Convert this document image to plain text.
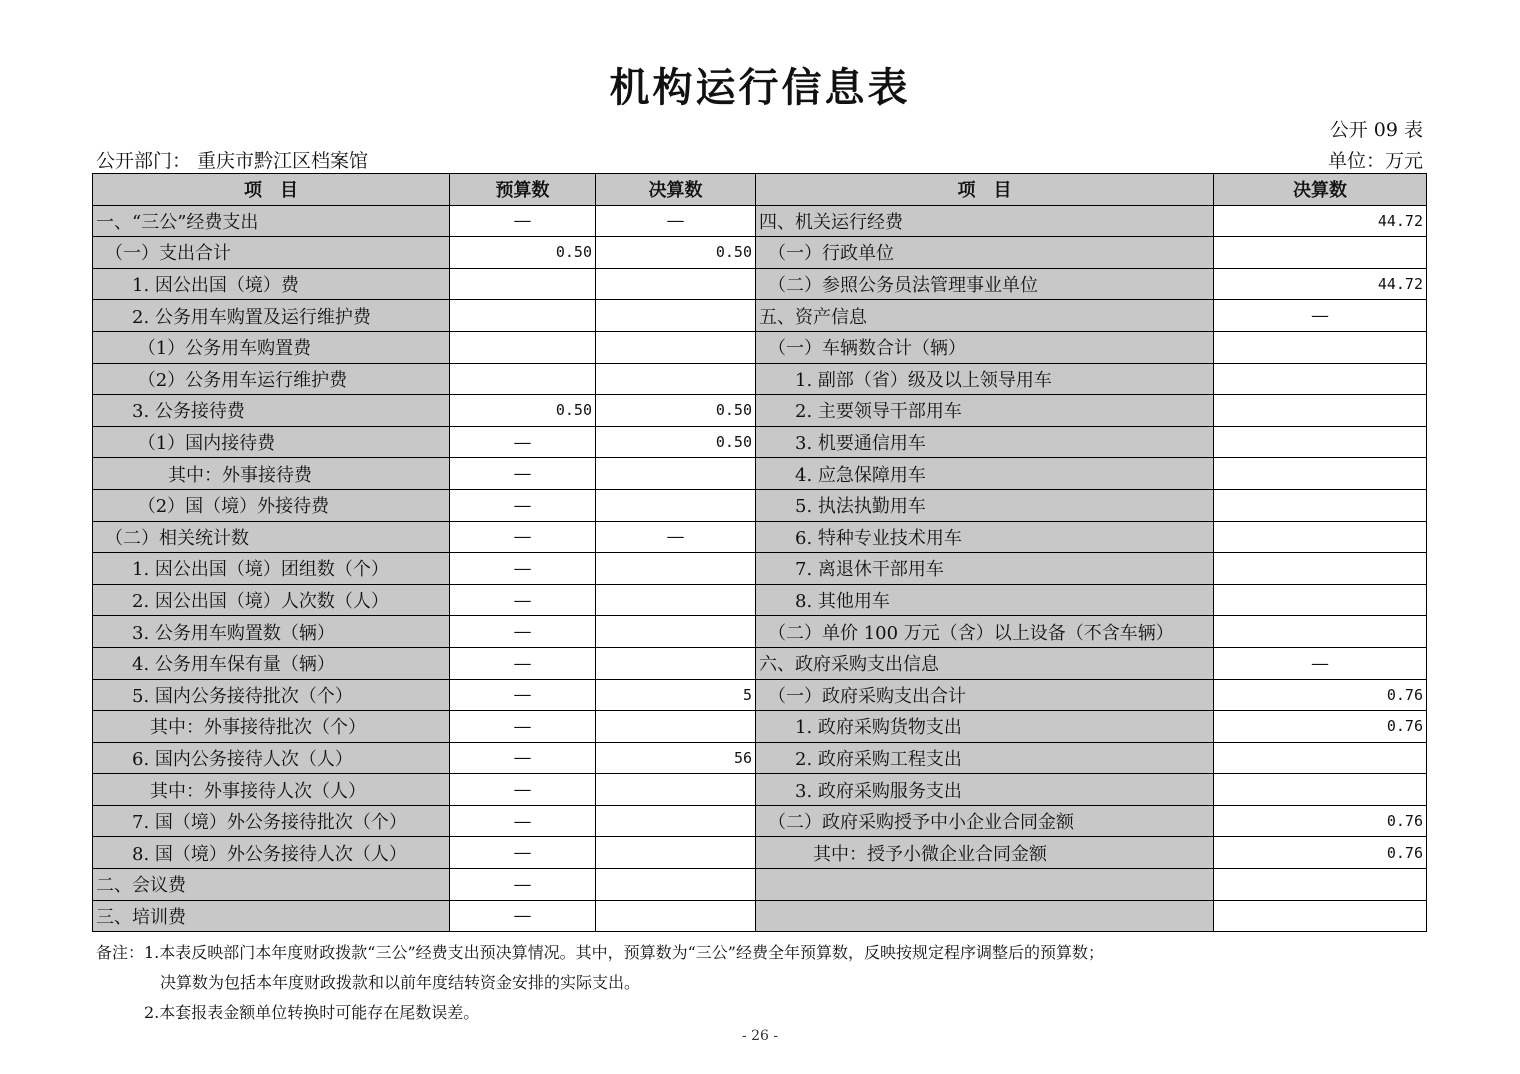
机构运行信息表
公开 09 表
公开部门： 重庆市黔江区档案馆	单位：万元
项　目	预算数	决算数	项　目	决算数
一、“三公”经费支出	—	—	四、机关运行经费	44.72
　（一）支出合计	0.50	0.50	　（一）行政单位	
　　1. 因公出国（境）费			　（二）参照公务员法管理事业单位	44.72
　　2. 公务用车购置及运行维护费			五、资产信息	—
　　 （1）公务用车购置费			　（一）车辆数合计（辆）	
　　 （2）公务用车运行维护费			　　1. 副部（省）级及以上领导用车	
　　3. 公务接待费	0.50	0.50	　　2. 主要领导干部用车	
　　 （1）国内接待费	—	0.50	　　3. 机要通信用车	
　　　　其中：外事接待费	—		　　4. 应急保障用车	
　　 （2）国（境）外接待费	—		　　5. 执法执勤用车	
　（二）相关统计数	—	—	　　6. 特种专业技术用车	
　　1. 因公出国（境）团组数（个）	—		　　7. 离退休干部用车	
　　2. 因公出国（境）人次数（人）	—		　　8. 其他用车	
　　3. 公务用车购置数（辆）	—		　（二）单价 100 万元（含）以上设备（不含车辆）	
　　4. 公务用车保有量（辆）	—		六、政府采购支出信息	—
　　5. 国内公务接待批次（个）	—	5	　（一）政府采购支出合计	0.76
　　　其中：外事接待批次（个）	—		　　1. 政府采购货物支出	0.76
　　6. 国内公务接待人次（人）	—	56	　　2. 政府采购工程支出	
　　　其中：外事接待人次（人）	—		　　3. 政府采购服务支出	
　　7. 国（境）外公务接待批次（个）	—		　（二）政府采购授予中小企业合同金额	0.76
　　8. 国（境）外公务接待人次（人）	—		　　　其中：授予小微企业合同金额	0.76
二、会议费	—			
三、培训费	—			
备注：1.本表反映部门本年度财政拨款“三公”经费支出预决算情况。其中，预算数为“三公”经费全年预算数，反映按规定程序调整后的预算数；
　　　　决算数为包括本年度财政拨款和以前年度结转资金安排的实际支出。
　　　2.本套报表金额单位转换时可能存在尾数误差。
- 26 -
